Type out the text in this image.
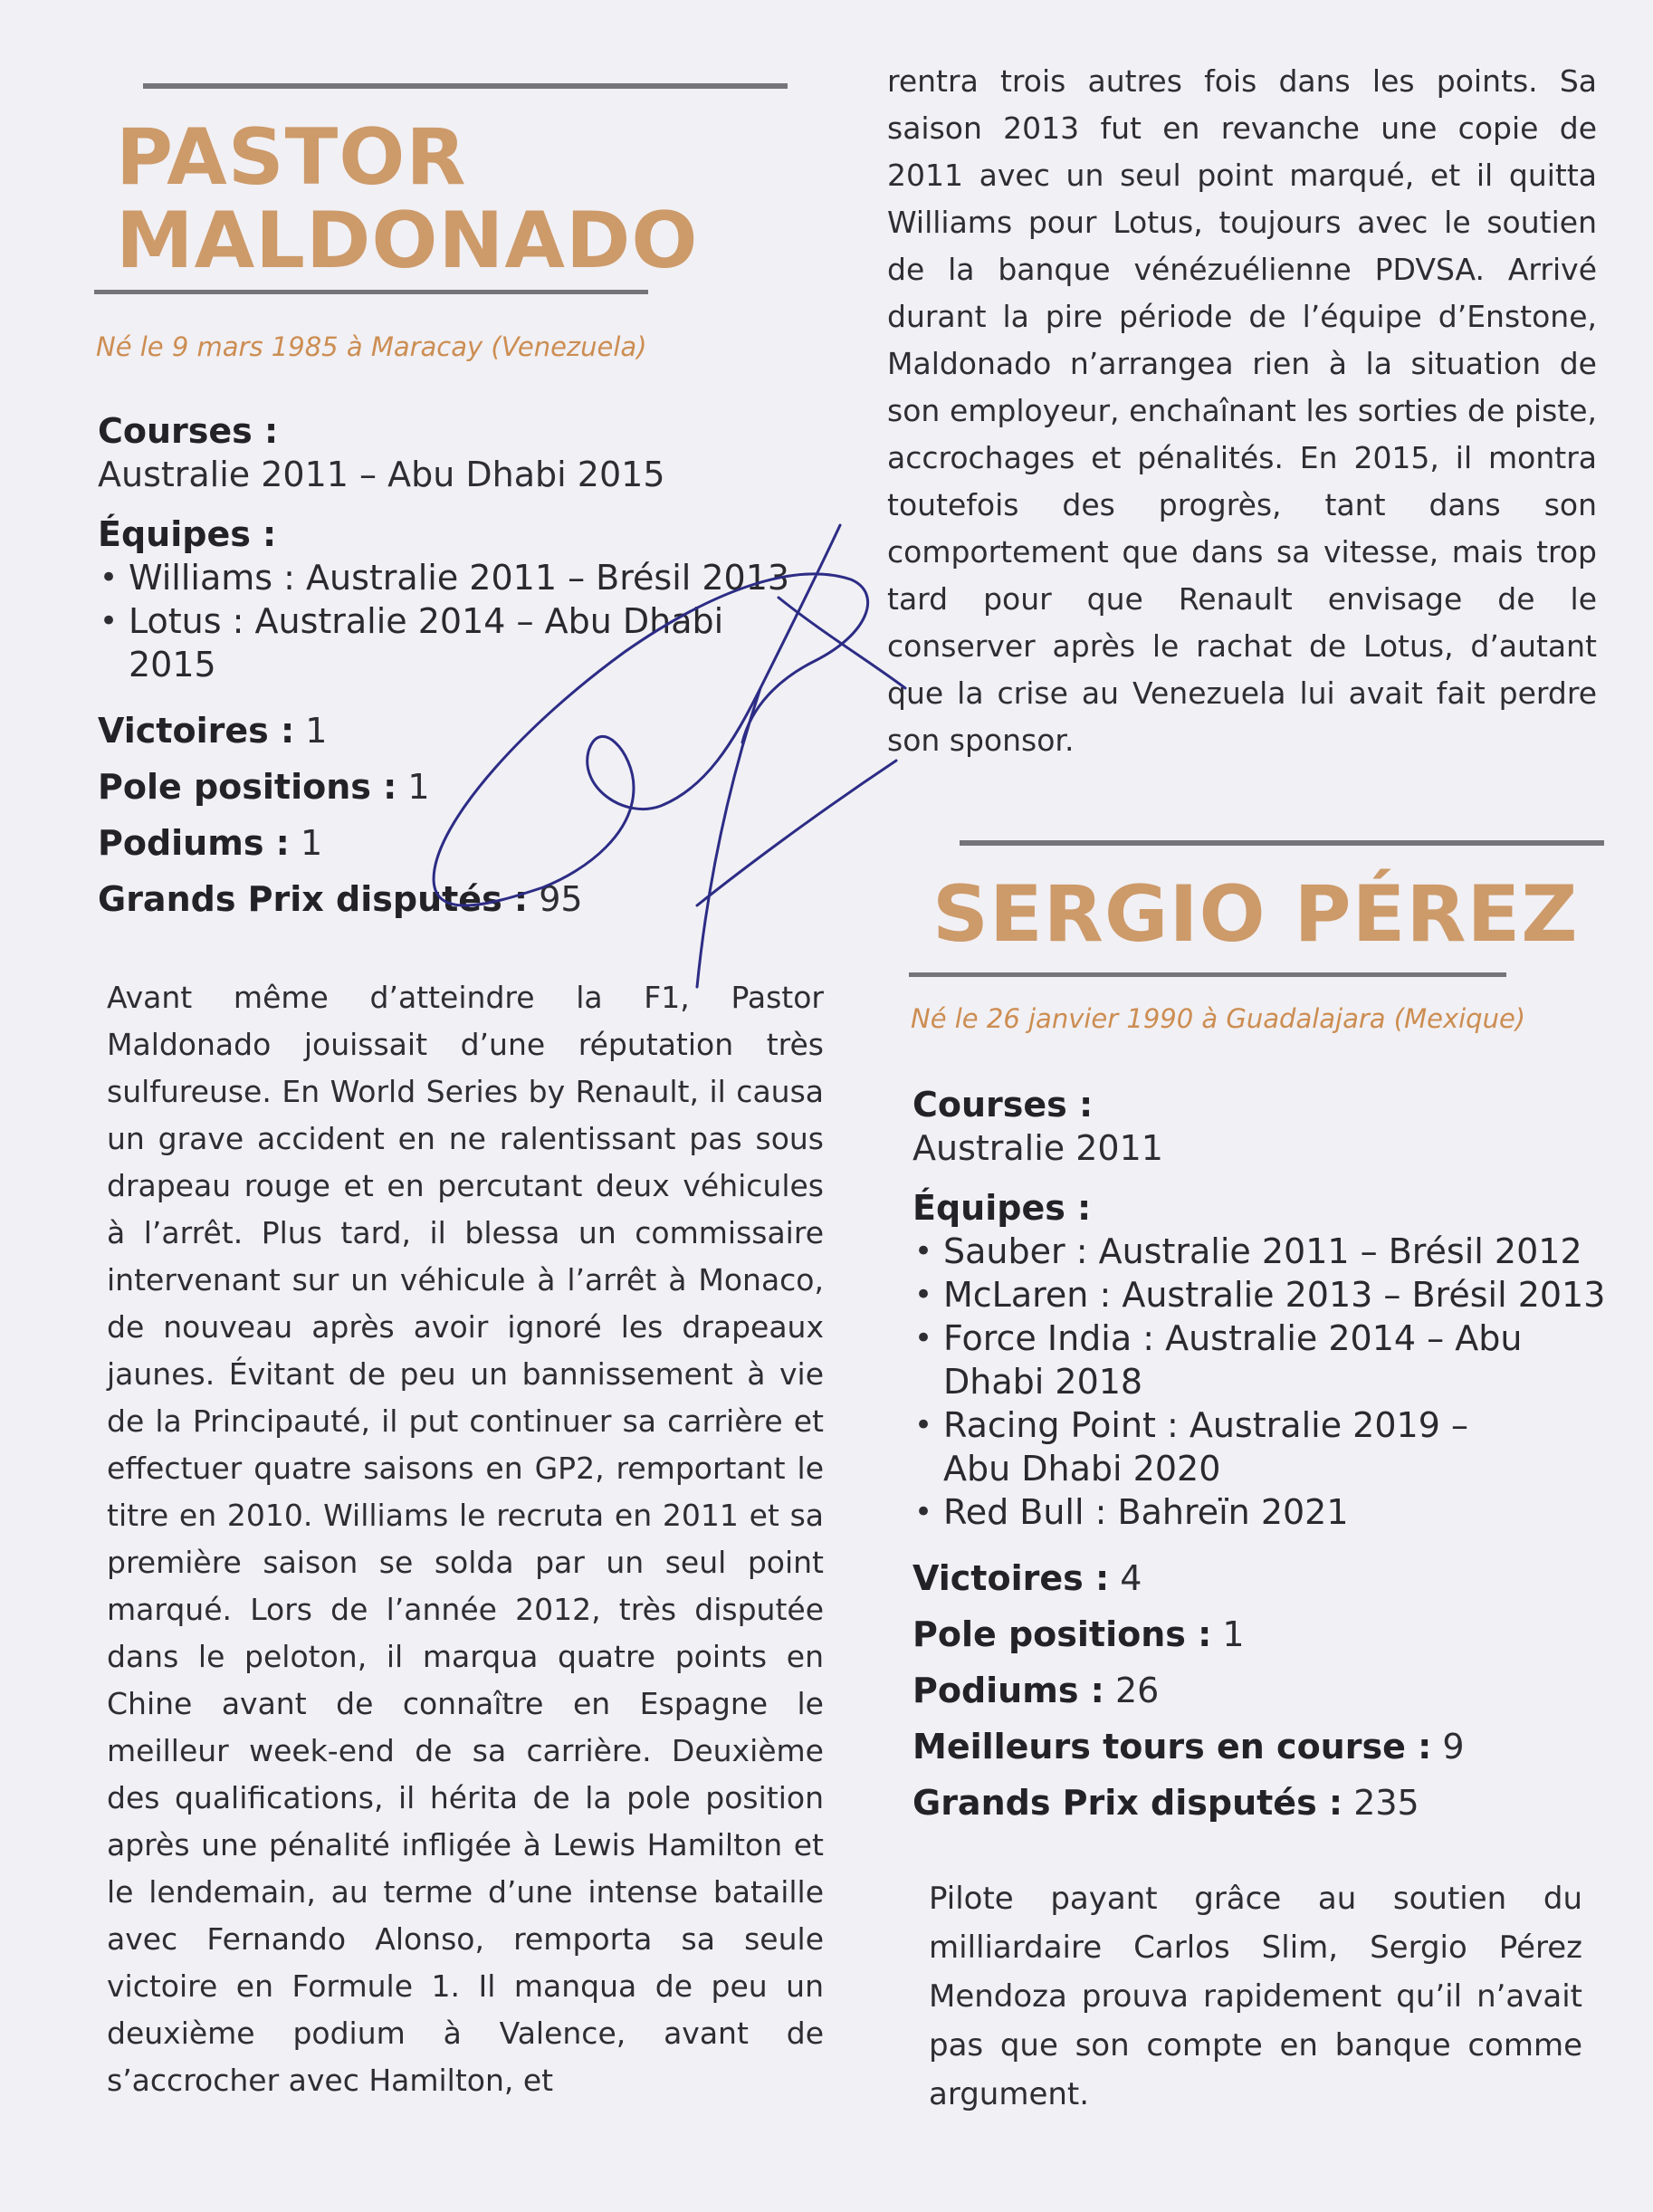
PASTOR
MALDONADO

Né le 9 mars 1985 à Maracay (Venezuela)

Courses :

Australie 2011 – Abu Dhabi 2015

Équipes :

• Williams : Australie 2011 – Brésil 2013
• Lotus : Australie 2014 – Abu Dhabi 2015

Victoires : 1

Pole positions : 1

Podiums : 1

Grands Prix disputés : 95

Avant même d’atteindre la F1, Pastor Maldonado jouissait d’une réputation très sulfureuse. En World Series by Renault, il causa un grave accident en ne ralentissant pas sous drapeau rouge et en percutant deux véhicules à l’arrêt. Plus tard, il blessa un commissaire intervenant sur un véhicule à l’arrêt à Monaco, de nouveau après avoir ignoré les drapeaux jaunes. Évitant de peu un bannissement à vie de la Principauté, il put continuer sa carrière et effectuer quatre saisons en GP2, remportant le titre en 2010. Williams le recruta en 2011 et sa première saison se solda par un seul point marqué. Lors de l’année 2012, très disputée dans le peloton, il marqua quatre points en Chine avant de connaître en Espagne le meilleur week-end de sa carrière. Deuxième des qualifications, il hérita de la pole position après une pénalité infligée à Lewis Hamilton et le lendemain, au terme d’une intense bataille avec Fernando Alonso, remporta sa seule victoire en Formule 1. Il manqua de peu un deuxième podium à Valence, avant de s’accrocher avec Hamilton, et

rentra trois autres fois dans les points. Sa saison 2013 fut en revanche une copie de 2011 avec un seul point marqué, et il quitta Williams pour Lotus, toujours avec le soutien de la banque vénézuélienne PDVSA. Arrivé durant la pire période de l’équipe d’Enstone, Maldonado n’arrangea rien à la situation de son employeur, enchaînant les sorties de piste, accrochages et pénalités. En 2015, il montra toutefois des progrès, tant dans son comportement que dans sa vitesse, mais trop tard pour que Renault envisage de le conserver après le rachat de Lotus, d’autant que la crise au Venezuela lui avait fait perdre son sponsor.

SERGIO PÉREZ

Né le 26 janvier 1990 à Guadalajara (Mexique)

Courses :

Australie 2011

Équipes :

• Sauber : Australie 2011 – Brésil 2012
• McLaren : Australie 2013 – Brésil 2013
• Force India : Australie 2014 – Abu Dhabi 2018
• Racing Point : Australie 2019 – Abu Dhabi 2020
• Red Bull : Bahreïn 2021

Victoires : 4

Pole positions : 1

Podiums : 26

Meilleurs tours en course : 9

Grands Prix disputés : 235

Pilote payant grâce au soutien du milliardaire Carlos Slim, Sergio Pérez Mendoza prouva rapidement qu’il n’avait pas que son compte en banque comme argument.
